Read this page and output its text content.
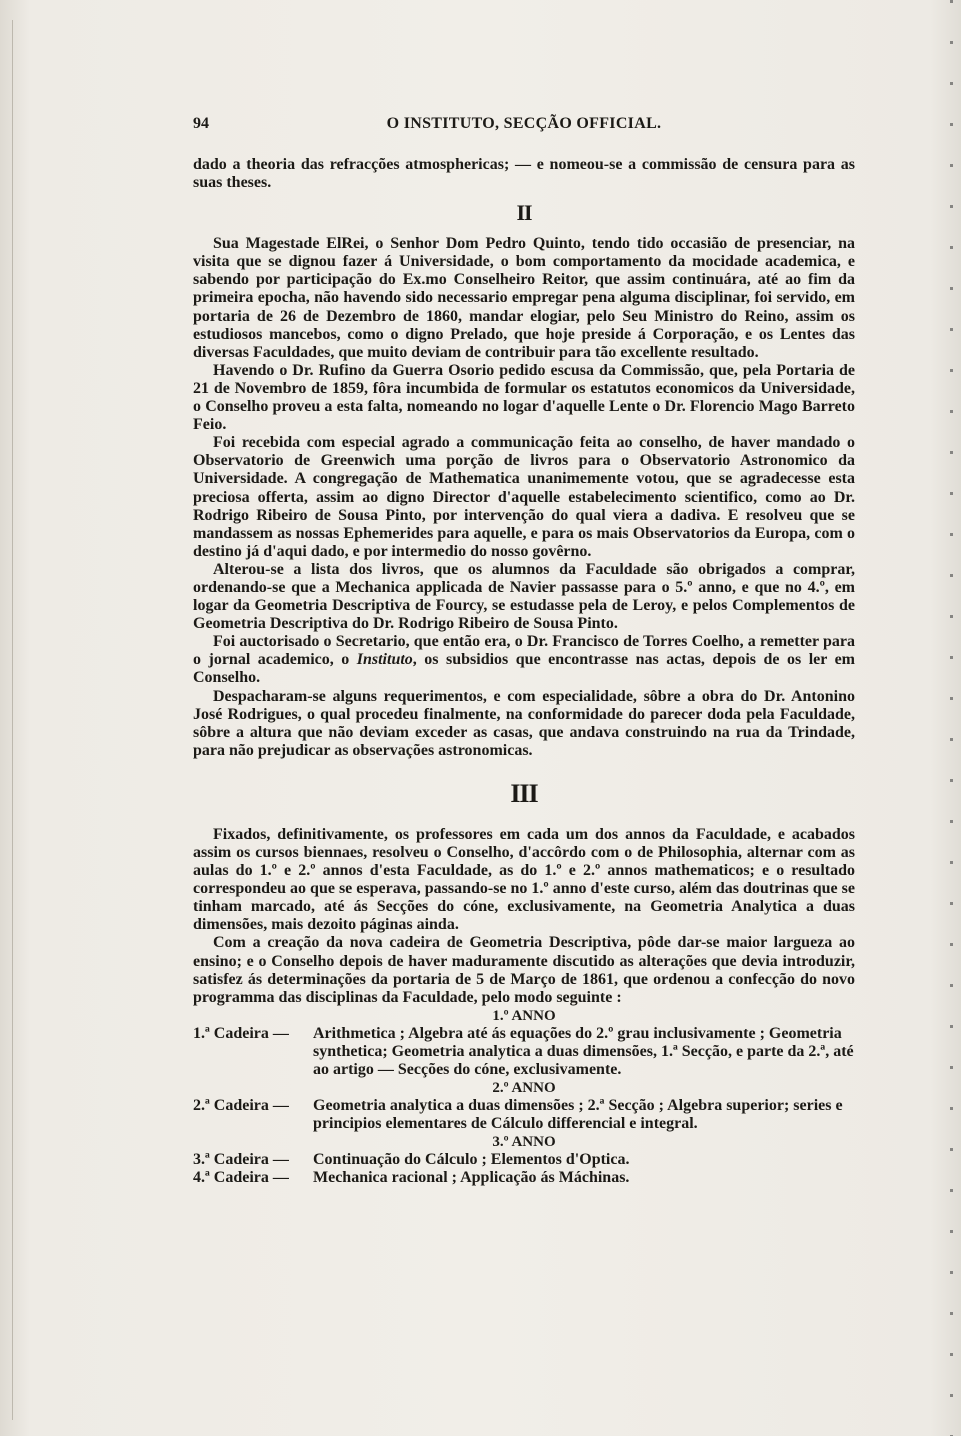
94	O INSTITUTO, SECÇÃO OFFICIAL.

dado a theoria das refracções atmosphericas; — e nomeou-se a commissão de censura para as suas theses.

II

Sua Magestade ElRei, o Senhor Dom Pedro Quinto, tendo tido occasião de presenciar, na visita que se dignou fazer á Universidade, o bom comportamento da mocidade academica, e sabendo por participação do Ex.mo Conselheiro Reitor, que assim continuára, até ao fim da primeira epocha, não havendo sido necessario empregar pena alguma disciplinar, foi servido, em portaria de 26 de Dezembro de 1860, mandar elogiar, pelo Seu Ministro do Reino, assim os estudiosos mancebos, como o digno Prelado, que hoje preside á Corporação, e os Lentes das diversas Faculdades, que muito deviam de contribuir para tão excellente resultado.

Havendo o Dr. Rufino da Guerra Osorio pedido escusa da Commissão, que, pela Portaria de 21 de Novembro de 1859, fôra incumbida de formular os estatutos economicos da Universidade, o Conselho proveu a esta falta, nomeando no logar d'aquelle Lente o Dr. Florencio Mago Barreto Feio.

Foi recebida com especial agrado a communicação feita ao conselho, de haver mandado o Observatorio de Greenwich uma porção de livros para o Observatorio Astronomico da Universidade. A congregação de Mathematica unanimemente votou, que se agradecesse esta preciosa offerta, assim ao digno Director d'aquelle estabelecimento scientifico, como ao Dr. Rodrigo Ribeiro de Sousa Pinto, por intervenção do qual viera a dadiva. E resolveu que se mandassem as nossas Ephemerides para aquelle, e para os mais Observatorios da Europa, com o destino já d'aqui dado, e por intermedio do nosso govêrno.

Alterou-se a lista dos livros, que os alumnos da Faculdade são obrigados a comprar, ordenando-se que a Mechanica applicada de Navier passasse para o 5.º anno, e que no 4.º, em logar da Geometria Descriptiva de Fourcy, se estudasse pela de Leroy, e pelos Complementos de Geometria Descriptiva do Dr. Rodrigo Ribeiro de Sousa Pinto.

Foi auctorisado o Secretario, que então era, o Dr. Francisco de Torres Coelho, a remetter para o jornal academico, o Instituto, os subsidios que encontrasse nas actas, depois de os ler em Conselho.

Despacharam-se alguns requerimentos, e com especialidade, sôbre a obra do Dr. Antonino José Rodrigues, o qual procedeu finalmente, na conformidade do parecer doda pela Faculdade, sôbre a altura que não deviam exceder as casas, que andava construindo na rua da Trindade, para não prejudicar as observações astronomicas.

III

Fixados, definitivamente, os professores em cada um dos annos da Faculdade, e acabados assim os cursos biennaes, resolveu o Conselho, d'accôrdo com o de Philosophia, alternar com as aulas do 1.º e 2.º annos d'esta Faculdade, as do 1.º e 2.º annos mathematicos; e o resultado correspondeu ao que se esperava, passando-se no 1.º anno d'este curso, além das doutrinas que se tinham marcado, até ás Secções do cóne, exclusivamente, na Geometria Analytica a duas dimensões, mais dezoito páginas ainda.

Com a creação da nova cadeira de Geometria Descriptiva, pôde dar-se maior largueza ao ensino; e o Conselho depois de haver maduramente discutido as alterações que devia introduzir, satisfez ás determinações da portaria de 5 de Março de 1861, que ordenou a confecção do novo programma das disciplinas da Faculdade, pelo modo seguinte :

1.º ANNO

1.ª Cadeira — Arithmetica ; Algebra até ás equações do 2.º grau inclusivamente ; Geometria synthetica; Geometria analytica a duas dimensões, 1.ª Secção, e parte da 2.ª, até ao artigo — Secções do cóne, exclusivamente.

2.º ANNO

2.ª Cadeira — Geometria analytica a duas dimensões ; 2.ª Secção ; Algebra superior; series e principios elementares de Cálculo differencial e integral.

3.º ANNO

3.ª Cadeira — Continuação do Cálculo ; Elementos d'Optica.

4.ª Cadeira — Mechanica racional ; Applicação ás Máchinas.
